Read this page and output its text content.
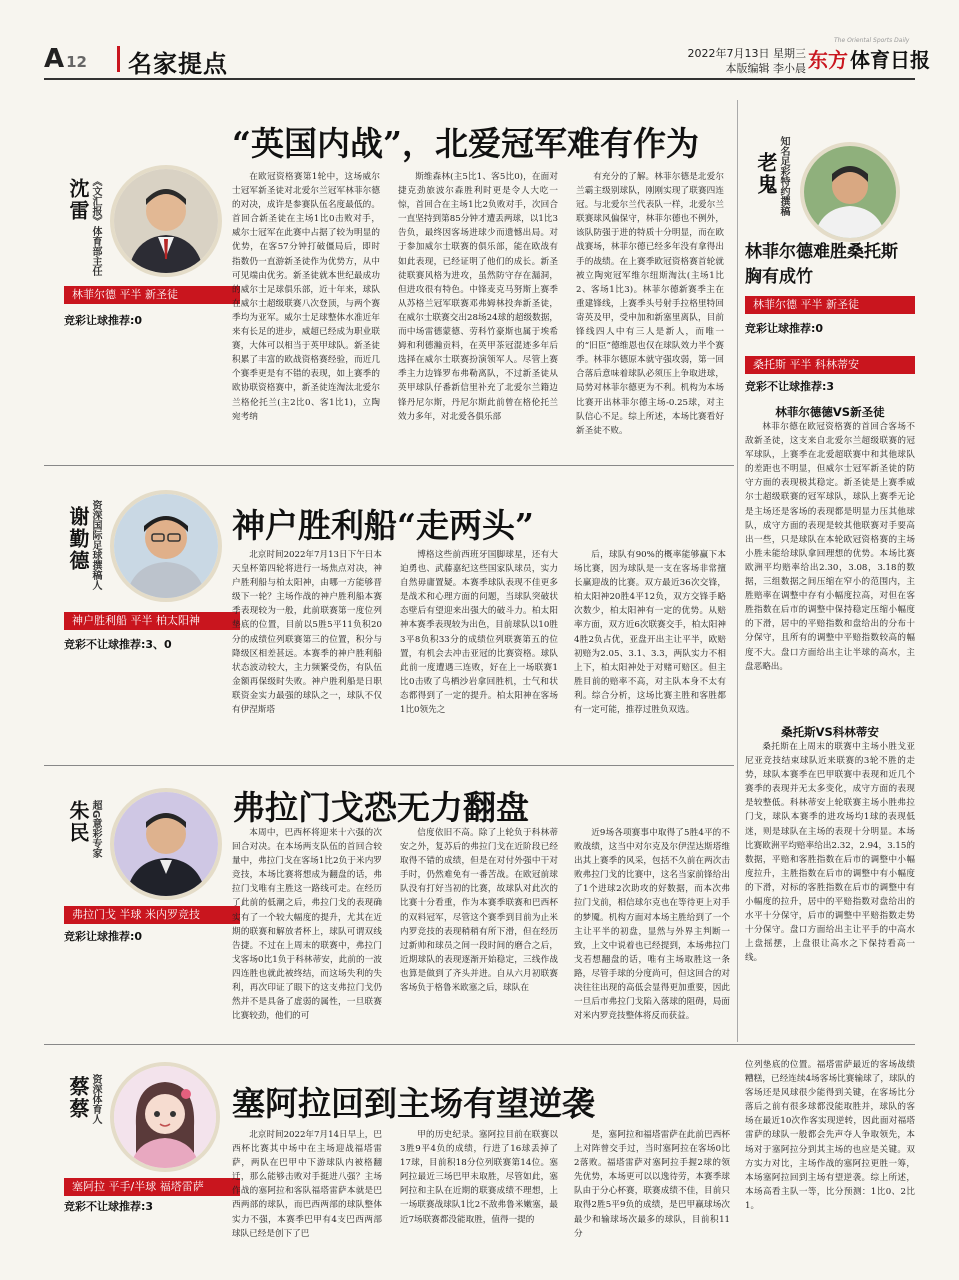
A 12 名家提点	2022年7月13日 星期三
本版编辑 李小晨
The Oriental Sports Daily
东方 体育日报
沈雷 《文汇报》体育部主任
林菲尔德 平半 新圣徒
竞彩让球推荐:0
“英国内战”，北爱冠军难有作为
在欧冠资格赛第1轮中，这场威尔士冠军新圣徒对北爱尔兰冠军林菲尔德的对决，成许是参赛队伍名度最低的。首回合新圣徒在主场1比0击败对手，威尔士冠军在此赛中占据了较为明显的优势，在客57分钟打破僵局后，即时指数仍一直游新圣徒作为优势方，从中可见端由优劣。新圣徒就本世纪最成功的威尔士足球俱乐部，近十年来，球队在威尔士超级联赛八次登顶，与两个赛季均为亚军。威尔士足球整体水准近年来有长足的进步，威超已经成为职业联赛，大体可以相当于英甲球队。新圣徒积累了丰富的欧战资格赛经验，而近几个赛季更是有不错的表现，如上赛季的欧协联资格赛中，新圣徒连淘汰北爱尔兰格伦托兰(主2比0、客1比1)，立陶宛考纳
斯维森林(主5比1、客5比0)，在面对捷克劲旅波尔森胜利时更是令人大吃一惊，首回合在主场1比2负败对手，次回合一直坚持到第85分钟才遭丢两球，以1比3告负，最终因客场进球少而遗憾出局。对于参加威尔士联赛的俱乐部，能在欧战有如此表现，已经证明了他们的成长。新圣徒联赛风格为进攻，虽然防守存在漏洞，但进攻很有特色。中锋麦克马努斯上赛季从苏格兰冠军联赛邓弗姆林投奔新圣徒，在威尔士联赛交出28场24球的超级数据，而中场雷德蒙德、劳科竹豪斯也属于埃希姆和利德瀚贡料，在英甲茶冠混迹多年后选择在威尔士联赛扮演领军人。尽管上赛季主力边锋罗布弗勒离队，不过新圣徒从英甲球队仔番新信里补充了北爱尔兰籍边锋丹尼尔斯，丹尼尔斯此前曾在格伦托兰效力多年，对北爱各俱乐部
有充分的了解。林菲尔德是北爱尔兰霸主级别球队，刚刚实现了联赛四连冠。与北爱尔兰代表队一样，北爱尔兰联赛球风偏保守，林菲尔德也不例外，该队防强于进的特质十分明显，而在欧战赛场，林菲尔德已经多年没有拿得出手的战绩。在上赛季欧冠资格赛首轮就被立陶宛冠军维尔纽斯淘汰(主场1比2、客场1比3)。林菲尔德新赛季主在重建锋线，上赛季头号射手拉格里特回寄英及甲，受申加和新塞里离队，目前锋线四人中有三人是新人，而唯一的“旧臣”德维恩也仅在球队效力半个赛季。林菲尔德原本就守强攻弱，第一回合落后意味着球队必须压上争取进球，局势对林菲尔德更为不利。机构为本场比赛开出林菲尔德主场-0.25球，对主队信心不足。综上所述，本场比赛看好新圣徒不败。
谢勤德 资深国际足球撰稿人
神户胜利船 平半 柏太阳神
竞彩不让球推荐:3、0
神户胜利船“走两头”
北京时间2022年7月13日下午日本天皇杯第四轮将进行一场焦点对决，神户胜利船与柏太阳神，由哪一方能够晋级下一轮？主场作战的神户胜利船本赛季表现较为一般，此前联赛第一度位列垫底的位置，目前以5胜5平11负积20分的成绩位列联赛第三的位置，积分与降级区相差甚远。本赛季的神户胜利船状态波动较大，主力频繁受伤，有队伍金额再保级时失败。神户胜利船是日职联资金实力最强的球队之一，球队不仅有伊涅斯塔
博格这些前西班牙国脚球星，还有大迫勇也、武藤嘉纪这些国家队球员，实力自然毋庸置疑。本赛季球队表现不佳更多是战术和心理方面的问题，当球队突破状态壁后有望迎来出强大的破斗力。柏太阳神本赛季表现较为出色，目前球队以10胜3平8负积33分的成绩位列联赛第五的位置，有机会去冲击亚冠的比赛资格。球队此前一度遭遇三连败，好在上一场联赛1比0击败了鸟栖沙岩拿回胜机，士气和状态都得到了一定的提升。柏太阳神在客场1比0领先之
后，球队有90%的概率能够赢下本场比赛，因为球队是一支在客场非常擅长赢迎战的比赛。双方最近36次交锋，柏太阳神20胜4平12负，双方交锋手略次数少，柏太阳神有一定的优势。从赔率方面，双方近6次联赛交手，柏太阳神4胜2负占优，亚盘开出主让平半，欧赔初赔为2.05、3.1、3.3，两队实力不相上下，柏太阳神处于对赌可赔区。但主胜目前的赔率不高，对主队本身不太有利。综合分析，这场比赛主胜和客胜都有一定可能，推荐过胜负双选。
朱民 超G意彩专家
弗拉门戈 半球 米内罗竞技
竞彩让球推荐:0
弗拉门戈恐无力翻盘
本周中，巴西杯将迎来十六强的次回合对决。在本场两支队伍的首回合较量中，弗拉门戈在客场1比2负于米内罗竞技，本场比赛将想成为翻盘的话，弗拉门戈唯有主胜这一路线可走。在经历了此前的低潮之后，弗拉门戈的表现确实有了一个较大幅度的提升，尤其在近期的联赛和解放者杯上，球队可谓双线告捷。不过在上周末的联赛中，弗拉门戈客场0比1负于科林蒂安，此前的一波四连胜也就此被终结，而这场失利的失利，再次印证了眼下的这支弗拉门戈仍然并不是具备了虚弱的属性，一旦联赛比赛较劲，他们的可
信度依旧不高。除了上轮负于科林蒂安之外，复苏后的弗拉门戈在近阶段已经取得不错的成绩，但是在对付外强中干对手时，仍然难免有一番苦战。在欧冠前球队没有打好当初的比赛，故球队对此次的比赛十分看重，作为本赛季联赛和巴西杯的双料冠军，尽管这个赛季到目前为止米内罗竞技的表现稍稍有所下滑，但在经历过新帅和球员之间一段时间的磨合之后，近期球队的表现逐渐开始稳定，三线作战也算是做到了齐头并进。自从六月初联赛客场负于格鲁米欧塞之后，球队在
近9场各项赛事中取得了5胜4平的不败战绩，这当中对尔克及尔伊涅达斯塔维出其上赛季的风采，包括不久前在两次击败弗拉门戈的比赛中，这名当家前锋给出了1个进球2次助攻的好数据，而本次弗拉门戈前，相信球尔克也在等待更上对手的梦魇。机构方面对本场主胜给到了一个主让平半的初盘，显然与外界主判断一致，上文中说着也已经提到，本场弗拉门戈若想翻盘的话，唯有主场取胜这一条路，尽管手球的分度尚可，但这回合的对决往往出现的高低会显得更加重要，因此一旦后市弗拉门戈陷入落球的阻碍，局面对米内罗竞技整体将反而获益。
蔡蔡 资深体育人
塞阿拉 平手/半球 福塔雷萨
竞彩不让球推荐:3
塞阿拉回到主场有望逆袭
北京时间2022年7月14日早上，巴西杯比赛其中场中在主场迎战福塔雷萨，两队在巴甲中下游球队内被格翻迁，那么能够击败对手挺进八强？主场作战的塞阿拉和客队福塔雷萨本就是巴西两部的球队，而巴西两部的球队整体实力不强，本赛季巴甲有4支巴西两部球队已经是创下了巴
甲的历史纪录。塞阿拉目前在联赛以3胜9平4负的成绩，行进了16球丢掉了17球，目前积18分位列联赛第14位。塞阿拉最近三场巴甲未取胜，尽管如此，塞阿拉和主队在近期的联赛成绩不理想，上一场联赛战球队1比2不敌弗鲁米嫩塞，最近7场联赛都没能取胜，值得一提的
是，塞阿拉和福塔雷萨在此前巴西杯上对阵曾交手过，当时塞阿拉在客场0比2落败。福塔雷萨对塞阿拉手握2球的领先优势，本场更可以以逸待劳，本赛季球队由于分心杯赛，联赛成绩不佳，目前只取得2胜5平9负的成绩，是巴甲赢球场次最少和输球场次最多的球队，目前积11分
位列垫底的位置。福塔雷萨最近的客场战绩糟糕，已经连续4场客场比赛输球了，球队的客场还是风球很少能得到关键，在客场比分落后之前有很多球都没能取胜并，球队的客场在最近10次作客实现逆转，因此面对福塔雷萨的球队一般都会先声夺人争取领先，本场对于塞阿拉分到其主场的也应是关键。双方实力对比，主场作战的塞阿拉更胜一筹，本场塞阿拉回到主场有望逆袭。综上所述，本场高看主队一等，比分预测：1比0、2比1。
老鬼 知名足彩特约撰稿
林菲尔德难胜桑托斯胸有成竹
林菲尔德 平半 新圣徒
竞彩让球推荐:0
桑托斯 平半 科林蒂安
竞彩不让球推荐:3
林菲尔德德VS新圣徒
林菲尔德在欧冠资格赛的首回合客场不敌新圣徒，这支来自北爱尔兰超级联赛的冠军球队，上赛季在北爱超联赛中和其他球队的差距也不明显，但威尔士冠军新圣徒的防守方面的表现极其稳定。新圣徒是上赛季威尔士超级联赛的冠军球队，球队上赛季无论是主场还是客场的表现都是明显力压其他球队，成守方面的表现是较其他联赛对手要高出一些，只是球队在本轮欧冠资格赛的主场小胜未能给球队拿回理想的优势。本场比赛欧洲平均赔率给出2.30，3.08，3.18的数据，三组数据之间压缩在窄小的范围内，主胜赔率在调整中存有小幅度拉高，对但在客胜指数在后市的调整中保持稳定压缩小幅度的下滑，居中的平赔指数和盘给出的分布十分保守，且所有的调整中平赔指数较高的幅度不大。盘口方面给出主让半球的高水，主盘恶略出。
桑托斯VS科林蒂安
桑托斯在上周末的联赛中主场小胜戈亚尼亚竞技结束球队近来联赛的3轮不胜的走势，球队本赛季在巴甲联赛中表现和近几个赛季的表现并无太多变化，成守方面的表现是较整低。科林蒂安上轮联赛主场小胜弗拉门戈，球队本赛季的进攻场均1球的表现低迷，则是球队在主场的表现十分明显。本场比赛欧洲平均赔率给出2.32，2.94，3.15的数据，平赔和客胜指数在后市的调整中小幅度拉升，主胜指数在后市的调整中有小幅度的下滑，对标的客胜指数在后市的调整中有小幅度的拉升，居中的平赔指数对盘给出的水平十分保守，后市的调整中平赔指数走势十分保守。盘口方面给出主让平手的中高水上盘摇摆，上盘很让高水之下保持看高一线。
